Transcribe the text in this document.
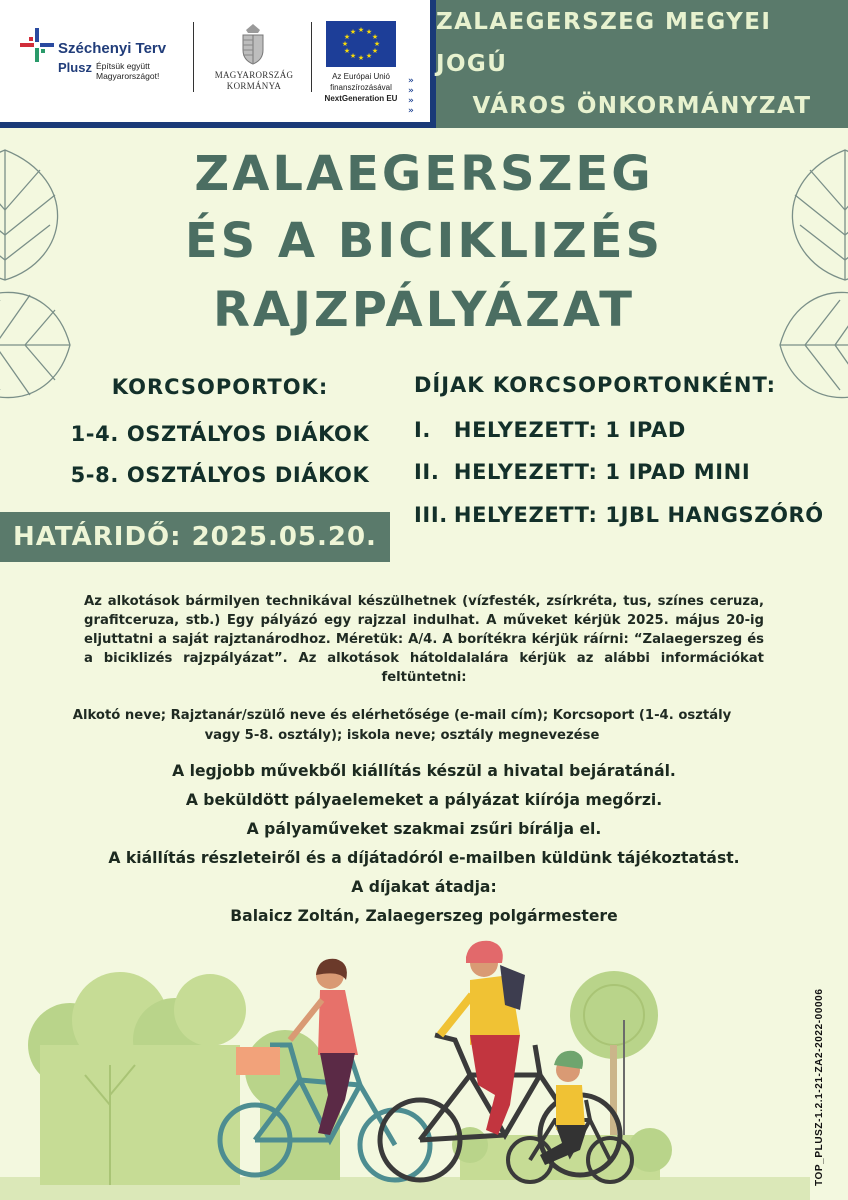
»
»
»
»
Széchenyi Terv
Plusz Építsük együtt Magyarországot!	MAGYARORSZÁG
KORMÁNYA
★ ★
★
★
★
★
★
★
★
★
★
★
Az Európai Unió
finanszírozásával
NextGeneration EU
ZALAEGERSZEG MEGYEI JOGÚ
VÁROS ÖNKORMÁNYZAT
ZALAEGERSZEG
ÉS A BICIKLIZÉS
RAJZPÁLYÁZAT
KORCSOPORTOK:
1-4. OSZTÁLYOS DIÁKOK
5-8. OSZTÁLYOS DIÁKOK
DÍJAK KORCSOPORTONKÉNT:
I. HELYEZETT: 1 IPAD
II. HELYEZETT: 1 IPAD MINI
III. HELYEZETT: 1JBL HANGSZÓRÓ
HATÁRIDŐ: 2025.05.20.
Az alkotások bármilyen technikával készülhetnek (vízfesték, zsírkréta, tus, színes ceruza, grafitceruza, stb.) Egy pályázó egy rajzzal indulhat. A műveket kérjük 2025. május 20-ig eljuttatni a saját rajztanárodhoz. Méretük: A/4. A borítékra kérjük ráírni: “Zalaegerszeg és a biciklizés rajzpályázat”. Az alkotások hátoldalalára kérjük az alábbi információkat feltüntetni:
Alkotó neve; Rajztanár/szülő neve és elérhetősége (e-mail cím); Korcsoport (1-4. osztály vagy 5-8. osztály); iskola neve; osztály megnevezése
A legjobb művekből kiállítás készül a hivatal bejáratánál.
A beküldött pályaelemeket a pályázat kiírója megőrzi.
A pályaműveket szakmai zsűri bírálja el.
A kiállítás részleteiről és a díjátadóról e-mailben küldünk tájékoztatást.
A díjakat átadja:
Balaicz Zoltán, Zalaegerszeg polgármestere
TOP_PLUSZ-1.2.1-21-ZA2-2022-00006
